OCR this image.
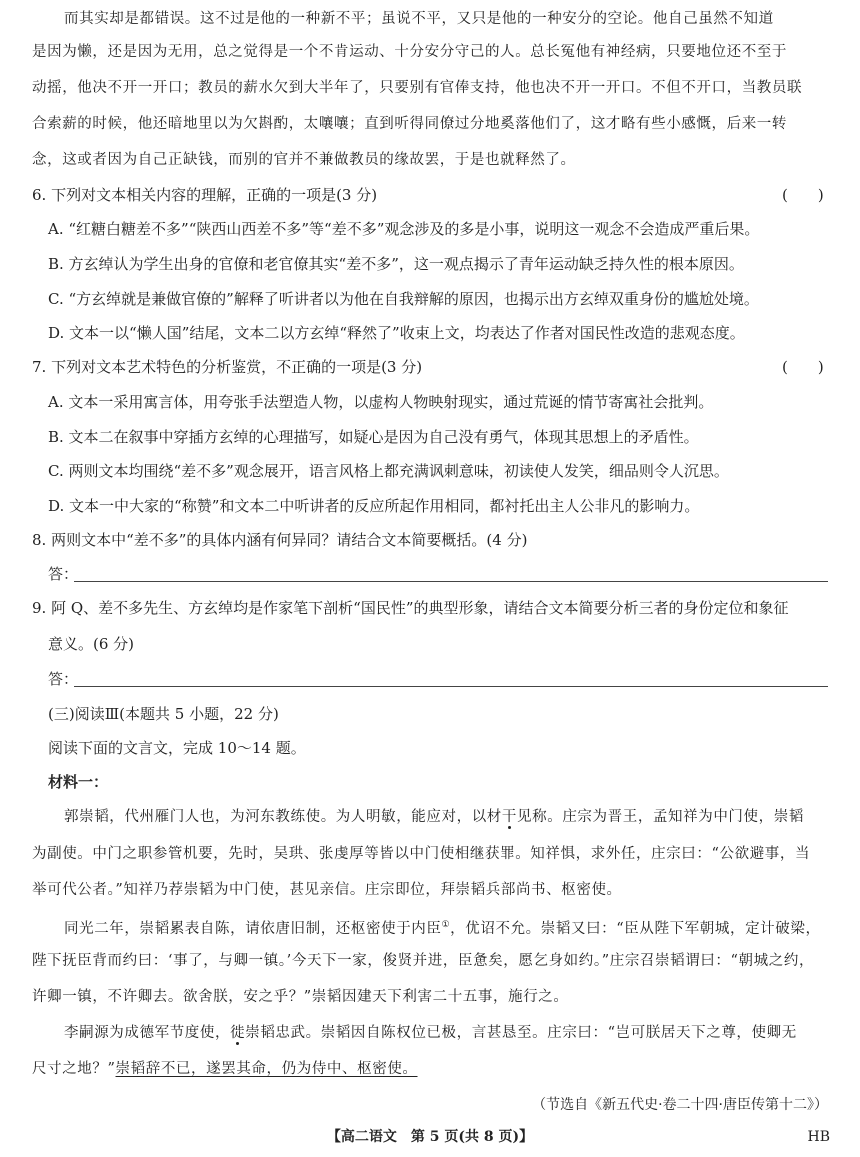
而其实却是都错误。这不过是他的一种新不平；虽说不平，又只是他的一种安分的空论。他自己虽然不知道
是因为懒，还是因为无用，总之觉得是一个不肯运动、十分安分守己的人。总长冤他有神经病，只要地位还不至于
动摇，他决不开一开口；教员的薪水欠到大半年了，只要别有官俸支持，他也决不开一开口。不但不开口，当教员联
合索薪的时候，他还暗地里以为欠斟酌，太嚷嚷；直到听得同僚过分地奚落他们了，这才略有些小感慨，后来一转
念，这或者因为自己正缺钱，而别的官并不兼做教员的缘故罢，于是也就释然了。
6. 下列对文本相关内容的理解，正确的一项是(3 分)	(　　)
A. “红糖白糖差不多”“陕西山西差不多”等“差不多”观念涉及的多是小事，说明这一观念不会造成严重后果。
B. 方玄绰认为学生出身的官僚和老官僚其实“差不多”，这一观点揭示了青年运动缺乏持久性的根本原因。
C. “方玄绰就是兼做官僚的”解释了听讲者以为他在自我辩解的原因，也揭示出方玄绰双重身份的尴尬处境。
D. 文本一以“懒人国”结尾，文本二以方玄绰“释然了”收束上文，均表达了作者对国民性改造的悲观态度。
7. 下列对文本艺术特色的分析鉴赏，不正确的一项是(3 分)	(　　)
A. 文本一采用寓言体，用夸张手法塑造人物，以虚构人物映射现实，通过荒诞的情节寄寓社会批判。
B. 文本二在叙事中穿插方玄绰的心理描写，如疑心是因为自己没有勇气，体现其思想上的矛盾性。
C. 两则文本均围绕“差不多”观念展开，语言风格上都充满讽刺意味，初读使人发笑，细品则令人沉思。
D. 文本一中大家的“称赞”和文本二中听讲者的反应所起作用相同，都衬托出主人公非凡的影响力。
8. 两则文本中“差不多”的具体内涵有何异同？请结合文本简要概括。(4 分)
答：
9. 阿 Q、差不多先生、方玄绰均是作家笔下剖析“国民性”的典型形象，请结合文本简要分析三者的身份定位和象征
意义。(6 分)
答：
(三)阅读Ⅲ(本题共 5 小题，22 分)
阅读下面的文言文，完成 10～14 题。
材料一：
郭崇韬，代州雁门人也，为河东教练使。为人明敏，能应对，以材干见称。庄宗为晋王，孟知祥为中门使，崇韬
为副使。中门之职参管机要，先时，吴珙、张虔厚等皆以中门使相继获罪。知祥惧，求外任，庄宗曰：“公欲避事，当
举可代公者。”知祥乃荐崇韬为中门使，甚见亲信。庄宗即位，拜崇韬兵部尚书、枢密使。
同光二年，崇韬累表自陈，请依唐旧制，还枢密使于内臣①，优诏不允。崇韬又曰：“臣从陛下军朝城，定计破梁，
陛下抚臣背而约曰：‘事了，与卿一镇。’今天下一家，俊贤并进，臣惫矣，愿乞身如约。”庄宗召崇韬谓曰：“朝城之约，
许卿一镇，不许卿去。欲舍朕，安之乎？”崇韬因建天下利害二十五事，施行之。
李嗣源为成德军节度使，徙崇韬忠武。崇韬因自陈权位已极，言甚恳至。庄宗曰：“岂可朕居天下之尊，使卿无
尺寸之地？”崇韬辞不已，遂罢其命，仍为侍中、枢密使。
（节选自《新五代史·卷二十四·唐臣传第十二》）
【高二语文　第 5 页(共 8 页)】	HB
